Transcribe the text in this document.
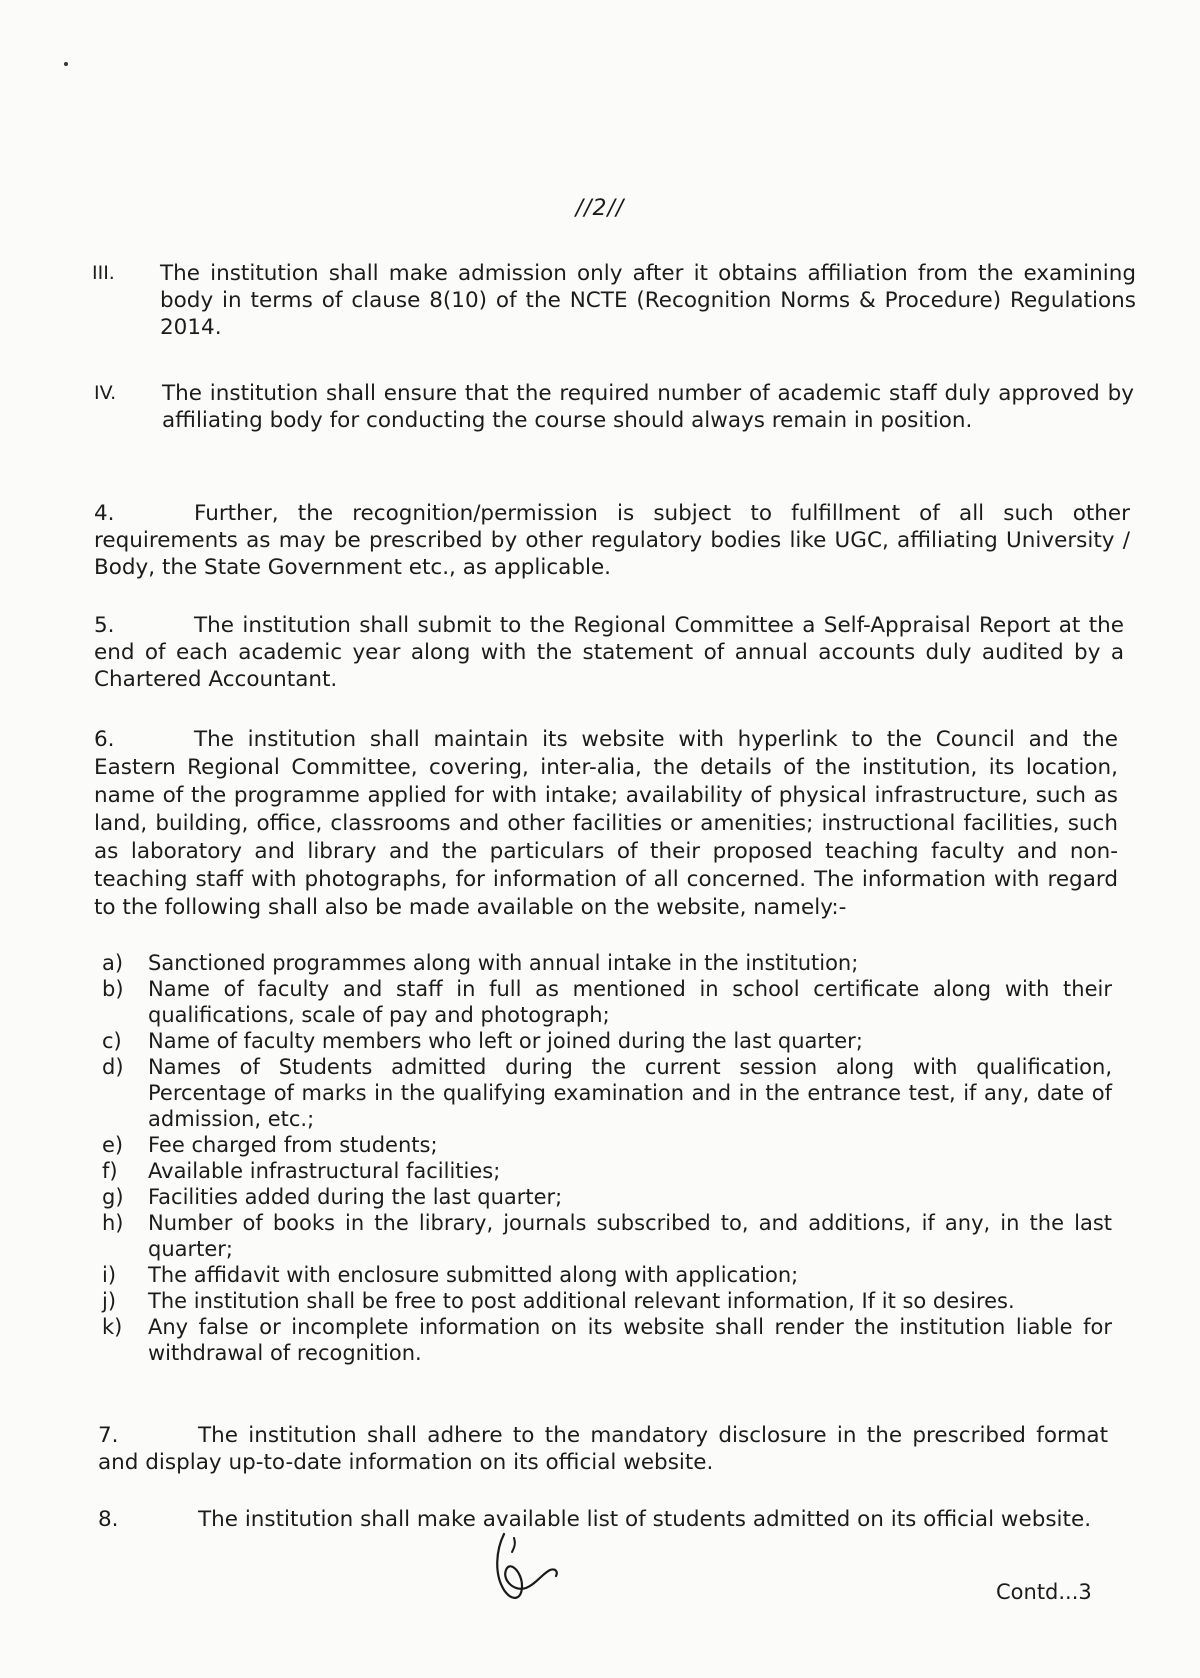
//2//
III. The institution shall make admission only after it obtains affiliation from the examining body in terms of clause 8(10) of the NCTE (Recognition Norms & Procedure) Regulations 2014.
IV. The institution shall ensure that the required number of academic staff duly approved by affiliating body for conducting the course should always remain in position.
4.	Further, the recognition/permission is subject to fulfillment of all such other requirements as may be prescribed by other regulatory bodies like UGC, affiliating University / Body, the State Government etc., as applicable.
5.	The institution shall submit to the Regional Committee a Self-Appraisal Report at the end of each academic year along with the statement of annual accounts duly audited by a Chartered Accountant.
6.	The institution shall maintain its website with hyperlink to the Council and the Eastern Regional Committee, covering, inter-alia, the details of the institution, its location, name of the programme applied for with intake; availability of physical infrastructure, such as land, building, office, classrooms and other facilities or amenities; instructional facilities, such as laboratory and library and the particulars of their proposed teaching faculty and non-teaching staff with photographs, for information of all concerned. The information with regard to the following shall also be made available on the website, namely:-
a) Sanctioned programmes along with annual intake in the institution;
b) Name of faculty and staff in full as mentioned in school certificate along with their qualifications, scale of pay and photograph;
c) Name of faculty members who left or joined during the last quarter;
d) Names of Students admitted during the current session along with qualification, Percentage of marks in the qualifying examination and in the entrance test, if any, date of admission, etc.;
e) Fee charged from students;
f) Available infrastructural facilities;
g) Facilities added during the last quarter;
h) Number of books in the library, journals subscribed to, and additions, if any, in the last quarter;
i) The affidavit with enclosure submitted along with application;
j) The institution shall be free to post additional relevant information, If it so desires.
k) Any false or incomplete information on its website shall render the institution liable for withdrawal of recognition.
7.	The institution shall adhere to the mandatory disclosure in the prescribed format and display up-to-date information on its official website.
8.	The institution shall make available list of students admitted on its official website.
Contd...3
